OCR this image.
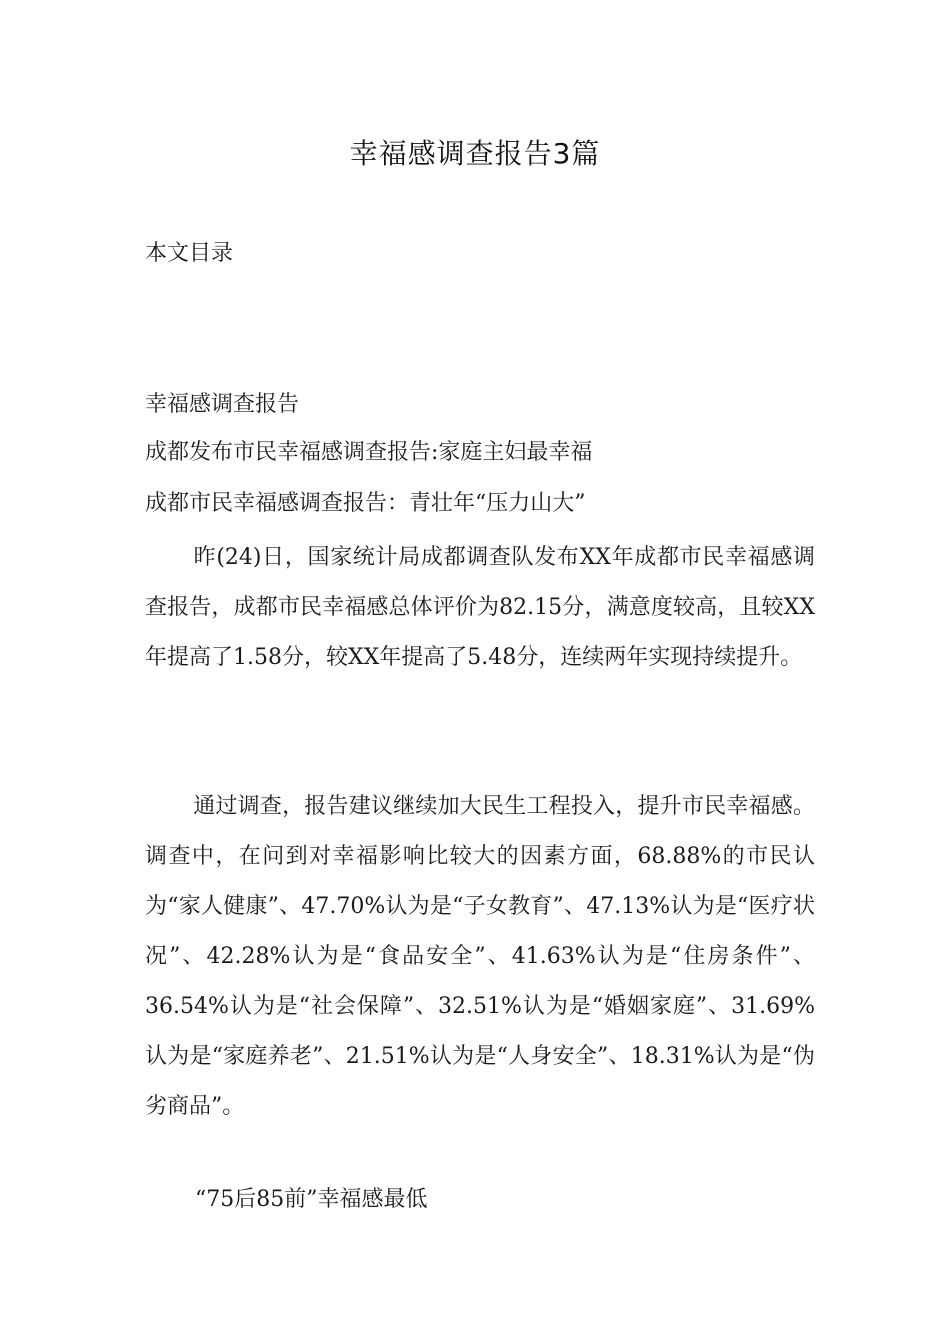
幸福感调查报告3篇
本文目录
幸福感调查报告
成都发布市民幸福感调查报告:家庭主妇最幸福
成都市民幸福感调查报告：青壮年“压力山大”
昨(24)日，国家统计局成都调查队发布XX年成都市民幸福感调查报告，成都市民幸福感总体评价为82.15分，满意度较高，且较XX年提高了1.58分，较XX年提高了5.48分，连续两年实现持续提升。
通过调查，报告建议继续加大民生工程投入，提升市民幸福感。调查中，在问到对幸福影响比较大的因素方面，68.88%的市民认为“家人健康”、47.70%认为是“子女教育”、47.13%认为是“医疗状况”、42.28%认为是“食品安全”、41.63%认为是“住房条件”、36.54%认为是“社会保障”、32.51%认为是“婚姻家庭”、31.69%认为是“家庭养老”、21.51%认为是“人身安全”、18.31%认为是“伪劣商品”。
“75后85前”幸福感最低
